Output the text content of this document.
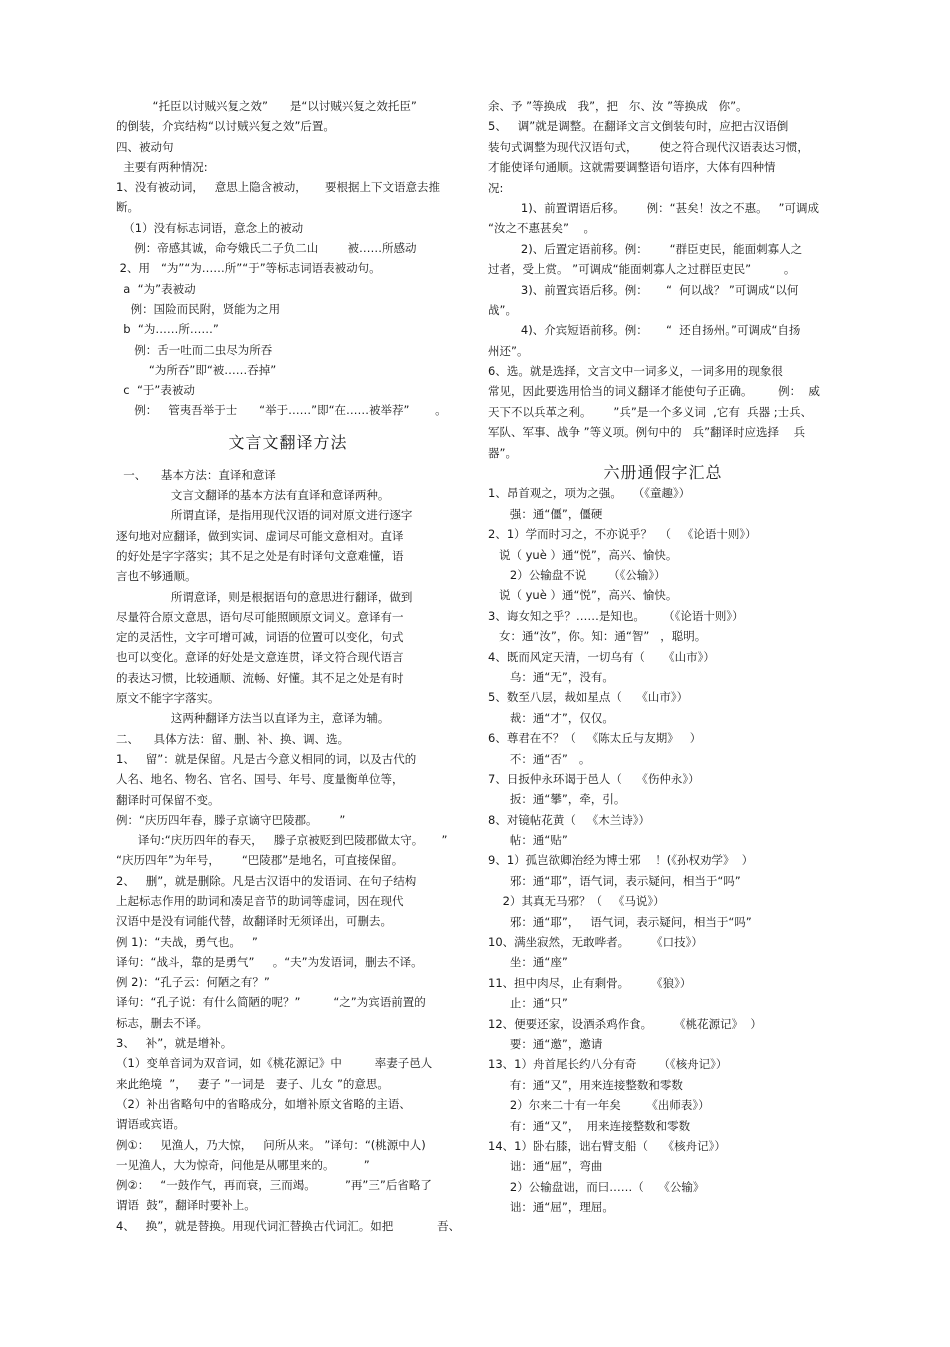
“托臣以讨贼兴复之效”      是“以讨贼兴复之效托臣”
的倒装，介宾结构“以讨贼兴复之效”后置。
四、被动句
主要有两种情况:
1、没有被动词，   意思上隐含被动，     要根据上下文语意去推
断。
（1）没有标志词语，意念上的被动
例：帝感其诚，命夸娥氏二子负二山        被……所感动
2、用   “为”“为……所”“于”等标志词语表被动句。
a  “为”表被动
例：国险而民附，贤能为之用
b  “为……所……”
例：舌一吐而二虫尽为所吞
“为所吞”即“被……吞掉”
c  “于”表被动
例：   管夷吾举于士      “举于……”即“在……被举荐”       。
文言文翻译方法
一、    基本方法：直译和意译
文言文翻译的基本方法有直译和意译两种。
所谓直译，是指用现代汉语的词对原文进行逐字
逐句地对应翻译，做到实词、虚词尽可能文意相对。直译
的好处是字字落实；其不足之处是有时译句文意难懂，语
言也不够通顺。
所谓意译，则是根据语句的意思进行翻译，做到
尽量符合原文意思，语句尽可能照顾原文词义。意译有一
定的灵活性，文字可增可减，词语的位置可以变化，句式
也可以变化。意译的好处是文意连贯，译文符合现代语言
的表达习惯，比较通顺、流畅、好懂。其不足之处是有时
原文不能字字落实。
这两种翻译方法当以直译为主，意译为辅。
二、    具体方法：留、删、补、换、调、选。
1、   留”：就是保留。凡是古今意义相同的词，以及古代的
人名、地名、物名、官名、国号、年号、度量衡单位等，
翻译时可保留不变。
例：“庆历四年春，滕子京谪守巴陵郡。      ”
译句:“庆历四年的春天，   滕子京被贬到巴陵郡做太守。     ”
“庆历四年”为年号，      “巴陵郡”是地名，可直接保留。
2、   删”，就是删除。凡是古汉语中的发语词、在句子结构
上起标志作用的助词和凑足音节的助词等虚词，因在现代
汉语中是没有词能代替，故翻译时无须译出，可删去。
例 1)：“夫战，勇气也。   ”
译句：“战斗，靠的是勇气”     。“夫”为发语词，删去不译。
例 2)：“孔子云：何陋之有？”
译句：“孔子说：有什么简陋的呢？”         “之”为宾语前置的
标志，删去不译。
3、   补”，就是增补。
（1）变单音词为双音词，如《桃花源记》中         率妻子邑人
来此绝境  ”，   妻子 ”一词是   妻子、儿女 ”的意思。
（2）补出省略句中的省略成分，如增补原文省略的主语、
谓语或宾语。
例①：   见渔人，乃大惊，   问所从来。 ”译句：“(桃源中人)
一见渔人，大为惊奇，问他是从哪里来的。        ”
例②：   “一鼓作气，再而衰，三而竭。        ”再”三”后省略了
谓语  鼓”，翻译时要补上。
4、   换”，就是替换。用现代词汇替换古代词汇。如把            吾、
余、予 ”等换成   我”，把   尔、汝 ”等换成   你”。
5、   调”就是调整。在翻译文言文倒装句时，应把古汉语倒
装句式调整为现代汉语句式，      使之符合现代汉语表达习惯，
才能使译句通顺。这就需要调整语句语序，大体有四种情
况:
1)、前置谓语后移。      例：“甚矣！汝之不惠。   ”可调成
“汝之不惠甚矣”    。
2)、后置定语前移。例：      “群臣吏民，能面刺寡人之
过者，受上赏。 ”可调成“能面刺寡人之过群臣吏民”         。
3)、前置宾语后移。例：     “  何以战？ ”可调成“以何
战”。
4)、介宾短语前移。例：     “  还自扬州。”可调成“自扬
州还”。
6、选。就是选择，文言文中一词多义，一词多用的现象很
常见，因此要选用恰当的词义翻译才能使句子正确。       例：  威
天下不以兵革之利。      ”兵”是一个多义词  ,它有  兵器 ;士兵、
军队、军事、战争 ”等义项。例句中的   兵”翻译时应选择    兵
器”。
六册通假字汇总
1、昂首观之，项为之强。   （《童趣》）
强：通“僵”，僵硬
2、1）学而时习之，不亦说乎？  （   《论语十则》）
说（ yuè ）通“悦”，高兴、愉快。
2）公输盘不说      （《公输》）
说（ yuè ）通“悦”，高兴、愉快。
3、诲女知之乎？……是知也。     （《论语十则》）
女：通“汝”，你。知：通“智”   ，聪明。
4、既而风定天清，一切乌有（     《山市》）
乌：通“无”，没有。
5、数至八层，裁如星点（    《山市》）
裁：通“才”，仅仅。
6、尊君在不？（   《陈太丘与友期》   ）
不：通“否”   。
7、日扳仲永环谒于邑人（    《伤仲永》）
扳：通“攀”，牵，引。
8、对镜帖花黄（   《木兰诗》）
帖：通“贴”
9、1）孤岂欲卿治经为博士邪    ！(《孙权劝学》  ）
邪：通“耶”，语气词，表示疑问，相当于“吗”
2）其真无马邪？（   《马说》）
邪：通“耶”，   语气词，表示疑问，相当于“吗”
10、满坐寂然，无敢哗者。      《口技》）
坐：通“座”
11、担中肉尽，止有剩骨。      《狼》）
止：通“只”
12、便要还家，设酒杀鸡作食。      《桃花源记》  ）
要：通“邀”，邀请
13、1）舟首尾长约八分有奇      （《核舟记》）
有：通“又”，用来连接整数和零数
2）尔来二十有一年矣       《出师表》）
有：通“又”，  用来连接整数和零数
14、1）卧右膝，诎右臂支船（    《核舟记》）
诎：通“屈”，弯曲
2）公输盘诎，而曰……（    《公输》
诎：通“屈”，理屈。
